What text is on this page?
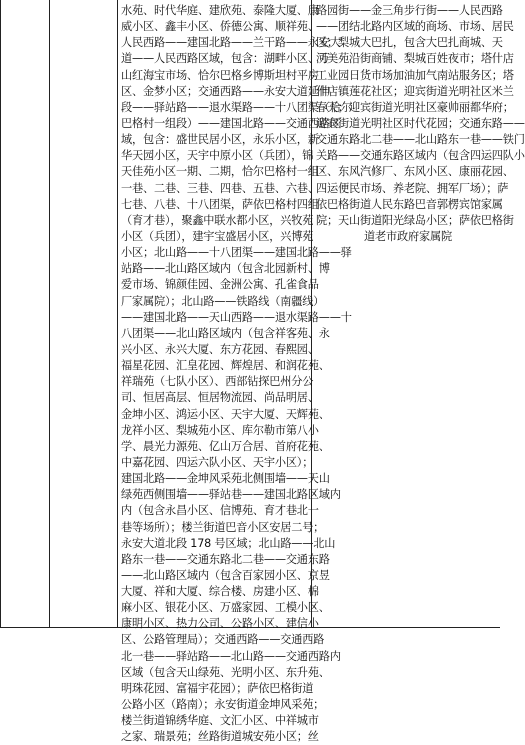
水苑、时代华庭、建欣苑、泰隆大厦、康
威小区、鑫丰小区、侨德公寓、顺祥苑、
人民西路——建国北路——兰干路——永安大
道——人民西路区域，包含：湖畔小区、万
山红海宝市场、恰尔巴格乡博斯坦村平房
区、金梦小区；交通西路——永安大道延伸
段——驿站路——退水渠路——十八团渠（恰尔
巴格村一组段）——建国北路——交通西路区
域，包含：盛世民居小区，永乐小区，新
华天园小区，天宇中原小区（兵团），锦
天佳苑小区一期、二期，恰尔巴格村一组
一巷、二巷、三巷、四巷、五巷、六巷、
七巷、八巷、十八团渠，萨依巴格村四组
（育才巷），聚鑫中联水都小区，兴牧苑
小区（兵团），建宇宝盛居小区，兴博苑
小区；北山路——十八团渠——建国北路——驿
站路——北山路区域内（包含北园新村、博
爱市场、锦颜佳园、金洲公寓、孔雀食品
厂家属院）；北山路——铁路线（南疆线）
——建国北路——天山西路——退水渠路——十
八团渠——北山路区域内（包含祥客苑、永
兴小区、永兴大厦、东方花园、春熙园、
福星花园、汇皇花园、辉煌居、和润花苑、
祥瑞苑（七队小区）、西部钻探巴州分公
司、恒居高层、恒居物流园、尚品明居、
金坤小区、鸿运小区、天宇大厦、天辉苑、
龙祥小区、梨城苑小区、库尔勒市第八小
学、晨光力源苑、亿山万合居、首府花苑、
中嘉花园、四运六队小区、天宇小区）；
建国北路——金坤风采苑北侧围墙——天山
绿苑西侧围墙——驿站巷——建国北路区域内
内（包含永昌小区、信博苑、育才巷北一
巷等场所）；楼兰街道巴音小区安居二号；
永安大道北段 178 号区域；北山路——北山
路东一巷——交通东路北二巷——交通东路
——北山路区域内（包含百家园小区、京昱
大厦、祥和大厦、综合楼、房建小区、棉
麻小区、银花小区、万盛家园、工模小区、
康明小区、热力公司、公路小区、建信小
区、公路管理局）；交通西路——交通西路
北一巷——驿站路——北山路——交通西路内
区域（包含天山绿苑、光明小区、东升苑、
明珠花园、富福宇花园）；萨依巴格街道
公路小区（路南）；永安街道金坤风采苑；
楼兰街道锦绣华庭、文汇小区、中祥城市
之家、瑞景苑；丝路街道城安苑小区；丝
路园街——金三角步行街——人民西路
——团结北路内区域的商场、市场、居民
区；梨城大巴扎，包含大巴扎商城、天
河美苑沿街商铺、梨城百姓夜市；塔什店
工业园日货市场加油加气南站服务区；塔
什店镇莲花社区；迎宾街道光明社区米兰
春天；迎宾街道光明社区豪帅丽都华府；
迎宾街道光明社区时代花园；交通东路——
交通东路北二巷——北山路东一巷——铁门
关路——交通东路区域内（包含四运四队小
区、东风汽修厂、东风小区、康丽花园、
四运便民市场、养老院、拥军厂场）；萨
依巴格街道人民东路巴音郭楞宾馆家属
院；天山街道阳光绿岛小区；萨依巴格街
道老市政府家属院
